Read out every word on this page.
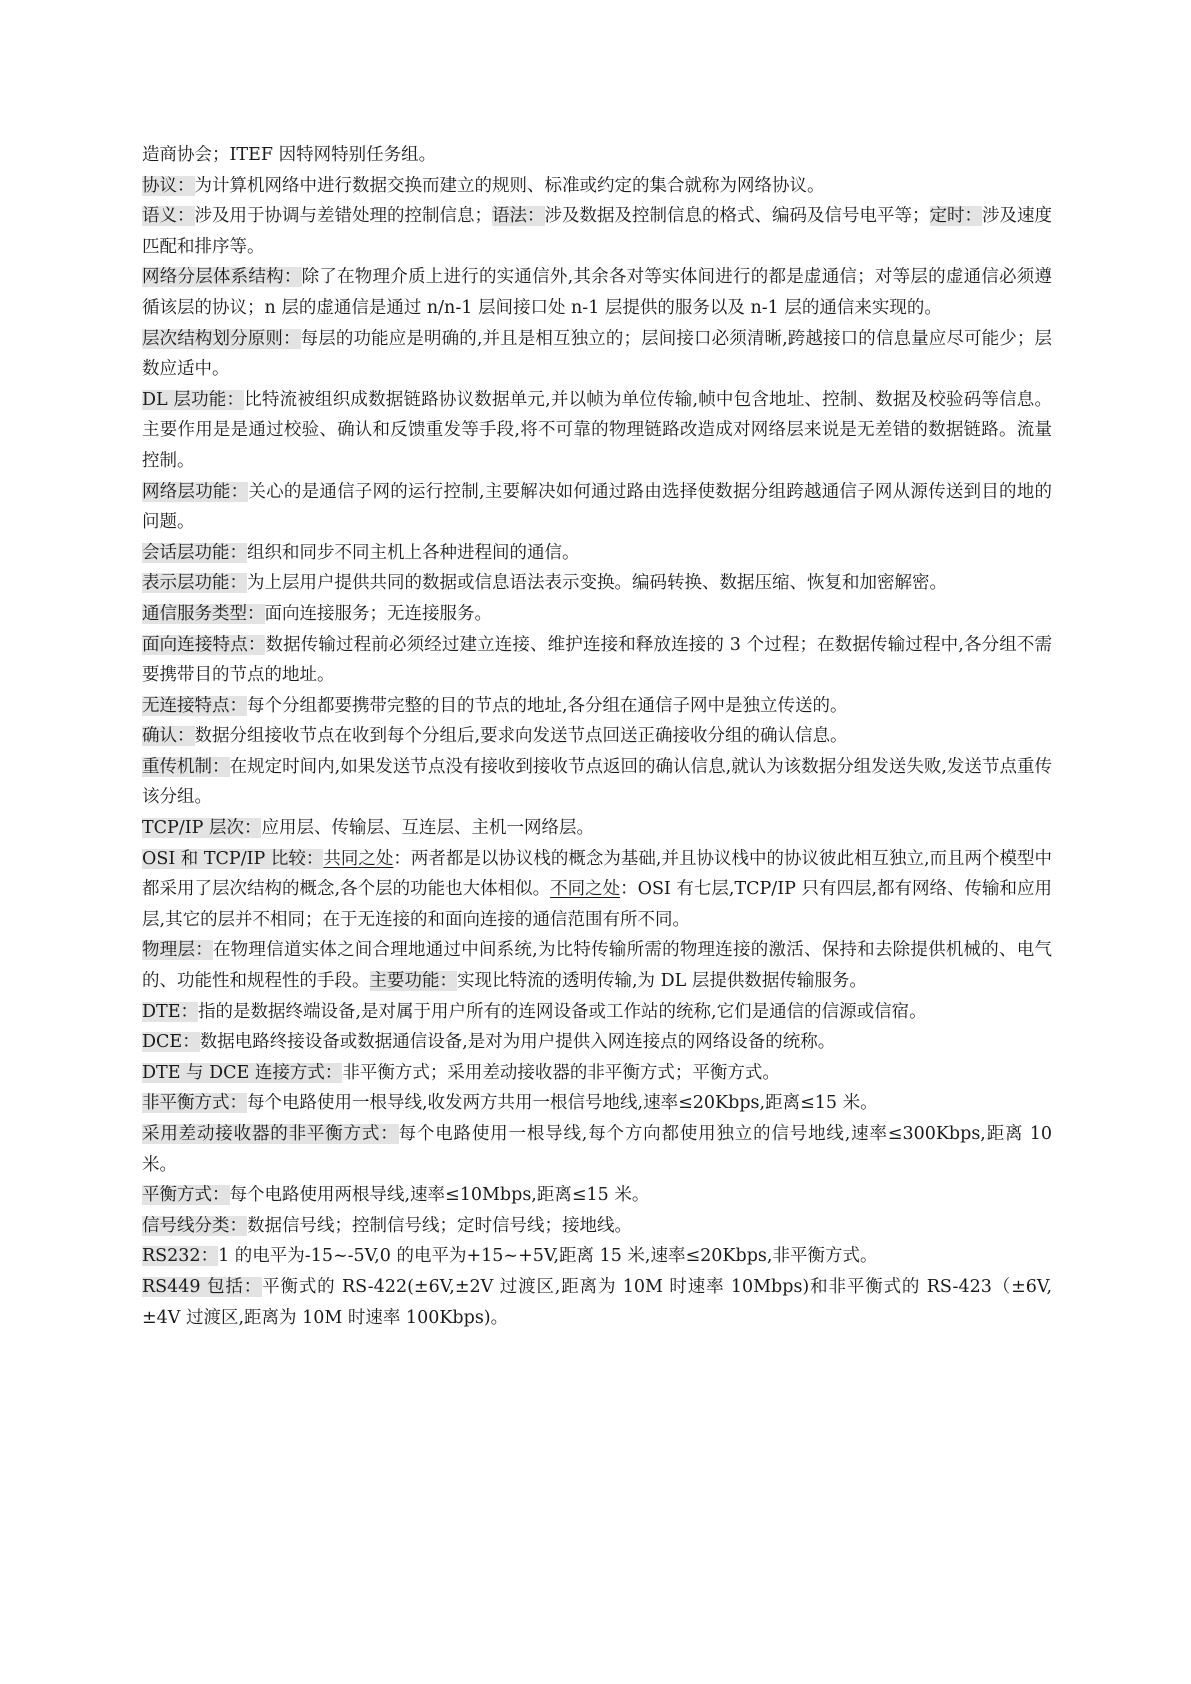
造商协会；ITEF 因特网特别任务组。

协议：为计算机网络中进行数据交换而建立的规则、标准或约定的集合就称为网络协议。

语义：涉及用于协调与差错处理的控制信息；语法：涉及数据及控制信息的格式、编码及信号电平等；定时：涉及速度匹配和排序等。

网络分层体系结构：除了在物理介质上进行的实通信外,其余各对等实体间进行的都是虚通信；对等层的虚通信必须遵循该层的协议；n 层的虚通信是通过 n/n-1 层间接口处 n-1 层提供的服务以及 n-1 层的通信来实现的。

层次结构划分原则：每层的功能应是明确的,并且是相互独立的；层间接口必须清晰,跨越接口的信息量应尽可能少；层数应适中。

DL 层功能：比特流被组织成数据链路协议数据单元,并以帧为单位传输,帧中包含地址、控制、数据及校验码等信息。主要作用是是通过校验、确认和反馈重发等手段,将不可靠的物理链路改造成对网络层来说是无差错的数据链路。流量控制。

网络层功能：关心的是通信子网的运行控制,主要解决如何通过路由选择使数据分组跨越通信子网从源传送到目的地的问题。

会话层功能：组织和同步不同主机上各种进程间的通信。

表示层功能：为上层用户提供共同的数据或信息语法表示变换。编码转换、数据压缩、恢复和加密解密。

通信服务类型：面向连接服务；无连接服务。

面向连接特点：数据传输过程前必须经过建立连接、维护连接和释放连接的 3 个过程；在数据传输过程中,各分组不需要携带目的节点的地址。

无连接特点：每个分组都要携带完整的目的节点的地址,各分组在通信子网中是独立传送的。

确认：数据分组接收节点在收到每个分组后,要求向发送节点回送正确接收分组的确认信息。

重传机制：在规定时间内,如果发送节点没有接收到接收节点返回的确认信息,就认为该数据分组发送失败,发送节点重传该分组。

TCP/IP 层次：应用层、传输层、互连层、主机一网络层。

OSI 和 TCP/IP 比较：共同之处：两者都是以协议栈的概念为基础,并且协议栈中的协议彼此相互独立,而且两个模型中都采用了层次结构的概念,各个层的功能也大体相似。不同之处：OSI 有七层,TCP/IP 只有四层,都有网络、传输和应用层,其它的层并不相同；在于无连接的和面向连接的通信范围有所不同。

物理层：在物理信道实体之间合理地通过中间系统,为比特传输所需的物理连接的激活、保持和去除提供机械的、电气的、功能性和规程性的手段。主要功能：实现比特流的透明传输,为 DL 层提供数据传输服务。

DTE：指的是数据终端设备,是对属于用户所有的连网设备或工作站的统称,它们是通信的信源或信宿。

DCE：数据电路终接设备或数据通信设备,是对为用户提供入网连接点的网络设备的统称。

DTE 与 DCE 连接方式：非平衡方式；采用差动接收器的非平衡方式；平衡方式。

非平衡方式：每个电路使用一根导线,收发两方共用一根信号地线,速率≤20Kbps,距离≤15 米。

采用差动接收器的非平衡方式：每个电路使用一根导线,每个方向都使用独立的信号地线,速率≤300Kbps,距离 10 米。

平衡方式：每个电路使用两根导线,速率≤10Mbps,距离≤15 米。

信号线分类：数据信号线；控制信号线；定时信号线；接地线。

RS232：1 的电平为-15~-5V,0 的电平为+15~+5V,距离 15 米,速率≤20Kbps,非平衡方式。

RS449 包括：平衡式的 RS-422(±6V,±2V 过渡区,距离为 10M 时速率 10Mbps)和非平衡式的 RS-423（±6V,±4V 过渡区,距离为 10M 时速率 100Kbps)。
